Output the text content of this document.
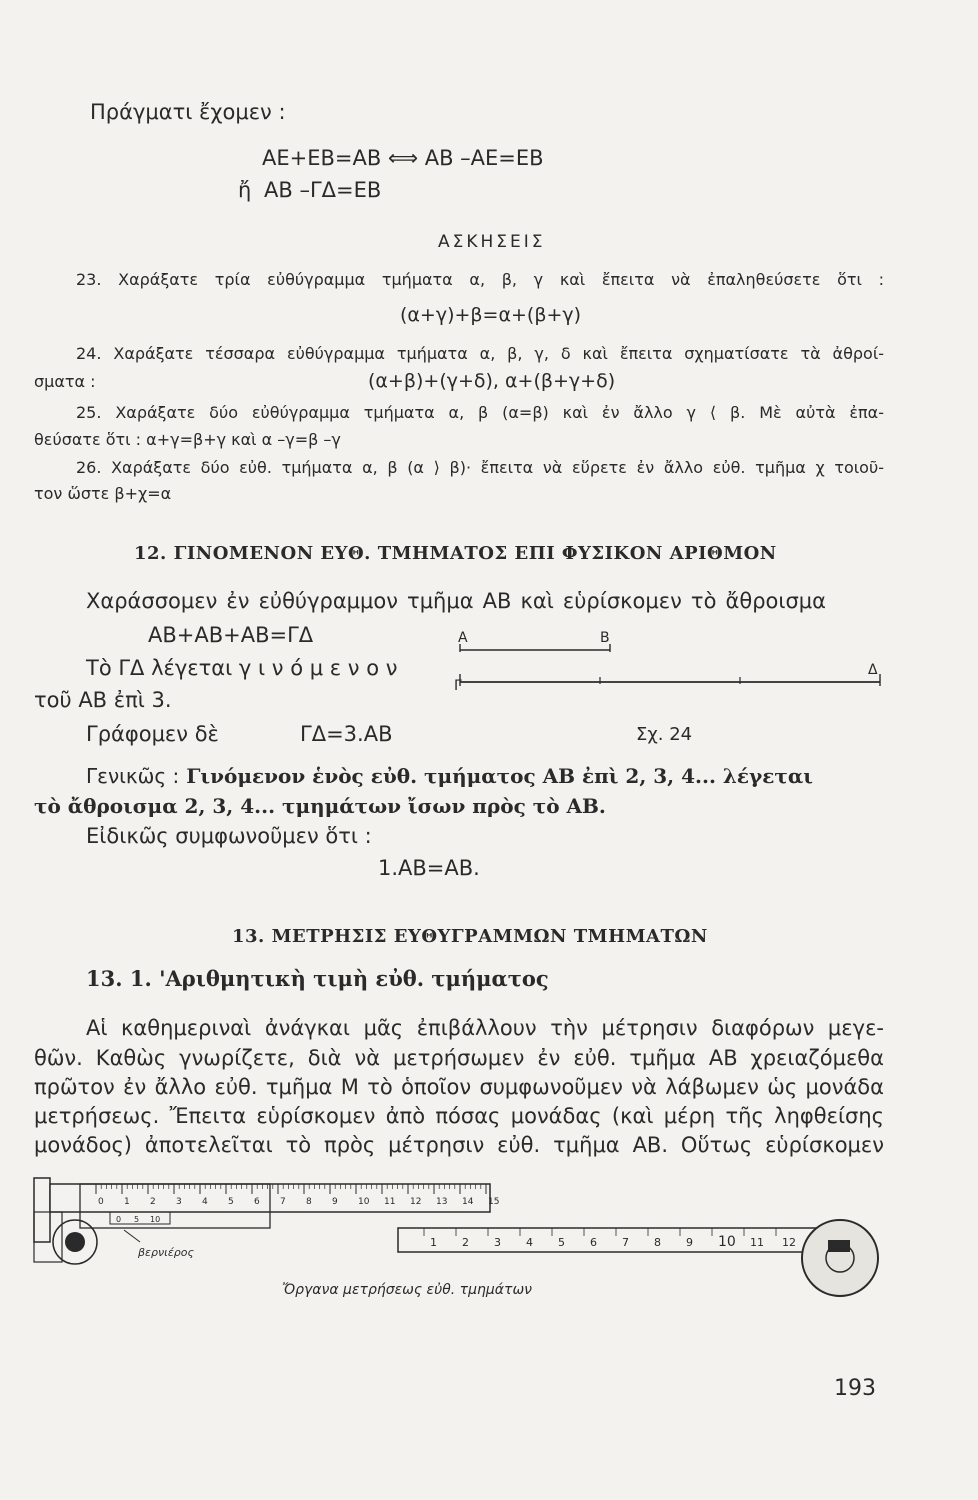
Πράγματι ἔχομεν :
ΑΕ+ΕΒ=ΑΒ ⟺ ΑΒ –ΑΕ=ΕΒ
ἤ ΑΒ –ΓΔ=ΕΒ
ΑΣΚΗΣΕΙΣ
23. Χαράξατε τρία εὐθύγραμμα τμήματα α, β, γ καὶ ἔπειτα νὰ ἐπαληθεύσετε ὅτι :
(α+γ)+β=α+(β+γ)
24. Χαράξατε τέσσαρα εὐθύγραμμα τμήματα α, β, γ, δ καὶ ἔπειτα σχηματίσατε τὰ ἀθροί-
σματα :	(α+β)+(γ+δ), α+(β+γ+δ)
25. Χαράξατε δύο εὐθύγραμμα τμήματα α, β (α=β) καὶ ἐν ἄλλο γ ⟨ β. Μὲ αὐτὰ ἐπα-
θεύσατε ὅτι : α+γ=β+γ καὶ α –γ=β –γ
26. Χαράξατε δύο εὐθ. τμήματα α, β (α ⟩ β)· ἔπειτα νὰ εὕρετε ἐν ἄλλο εὐθ. τμῆμα χ τοιοῦ-
τον ὥστε β+χ=α
12. ΓΙΝΟΜΕΝΟΝ ΕΥΘ. ΤΜΗΜΑΤΟΣ ΕΠΙ ΦΥΣΙΚΟΝ ΑΡΙΘΜΟΝ
Χαράσσομεν ἐν εὐθύγραμμον τμῆμα ΑΒ καὶ εὑρίσκομεν τὸ ἄθροισμα
ΑΒ+ΑΒ+ΑΒ=ΓΔ
Τὸ ΓΔ λέγεται γ ι ν ό μ ε ν ο ν
τοῦ ΑΒ ἐπὶ 3.
Γράφομεν δὲ	ΓΔ=3.ΑΒ	Σχ. 24
Α	Β
Γ
Δ
Γενικῶς : Γινόμενον ἑνὸς εὐθ. τμήματος ΑΒ ἐπὶ 2, 3, 4... λέγεται
τὸ ἄθροισμα 2, 3, 4... τμημάτων ἴσων πρὸς τὸ ΑΒ.
Εἰδικῶς συμφωνοῦμεν ὅτι :
1.ΑΒ=ΑΒ.
13. ΜΕΤΡΗΣΙΣ ΕΥΘΥΓΡΑΜΜΩΝ ΤΜΗΜΑΤΩΝ
13. 1. 'Αριθμητικὴ τιμὴ εὐθ. τμήματος
Αἱ καθημεριναὶ ἀνάγκαι μᾶς ἐπιβάλλουν τὴν μέτρησιν διαφόρων μεγε-
θῶν. Καθὼς γνωρίζετε, διὰ νὰ μετρήσωμεν ἐν εὐθ. τμῆμα ΑΒ χρειαζόμεθα
πρῶτον ἐν ἄλλο εὐθ. τμῆμα Μ τὸ ὁποῖον συμφωνοῦμεν νὰ λάβωμεν ὡς μονάδα
μετρήσεως. Ἔπειτα εὑρίσκομεν ἀπὸ πόσας μονάδας (καὶ μέρη τῆς ληφθείσης
μονάδος) ἀποτελεῖται τὸ πρὸς μέτρησιν εὐθ. τμῆμα ΑΒ. Οὕτως εὑρίσκομεν
0 1 2 3 4 5 6 7 8 9 10 11 12 13 14 15
0 5 10
βερνιέρος
1 2 3 4 5 6 7 8 9 10 11 12
Ὄργανα μετρήσεως εὐθ. τμημάτων
193
